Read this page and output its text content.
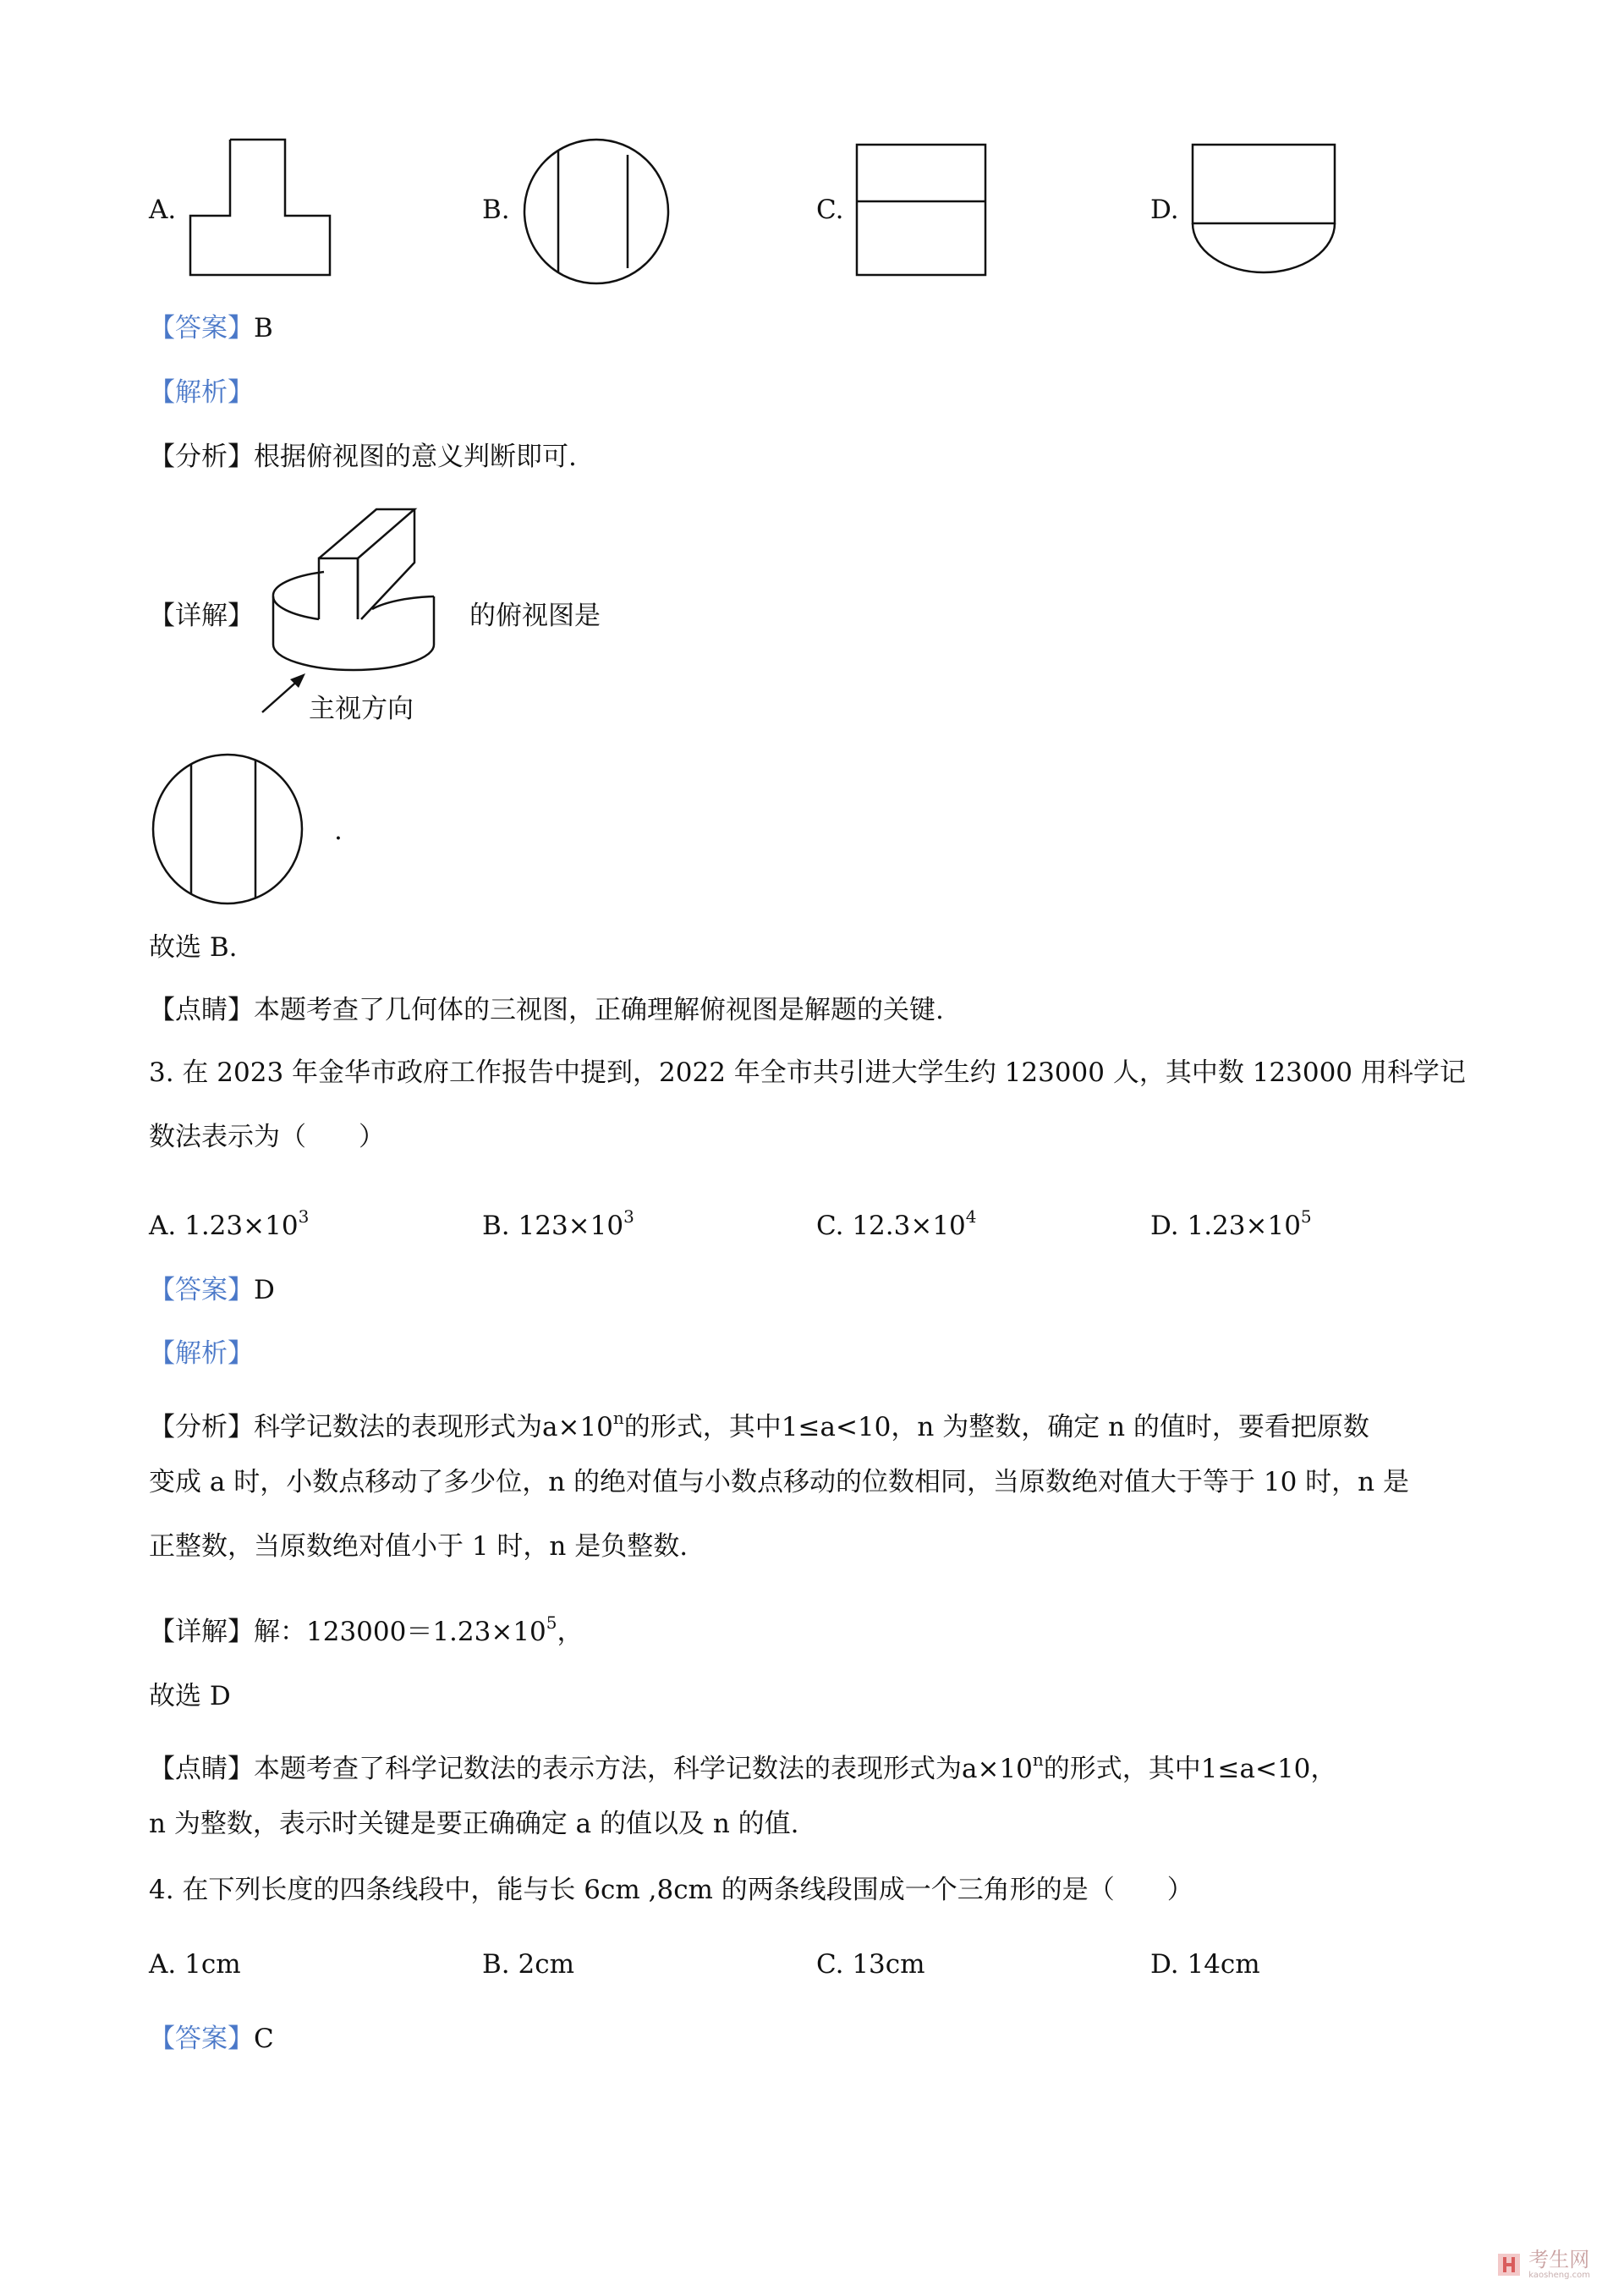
A.	B.	C.	D.
【答案】B
【解析】
【分析】根据俯视图的意义判断即可.
【详解】	的俯视图是
主视方向
.
故选 B.
【点睛】本题考查了几何体的三视图，正确理解俯视图是解题的关键.
3. 在 2023 年金华市政府工作报告中提到，2022 年全市共引进大学生约 123000 人，其中数 123000 用科学记
数法表示为（　　）
A. $1.23\times 10^3$	B. $123\times 10^3$	C. $12.3\times 10^4$	D. $1.23\times 10^5$
【答案】D
【解析】
【分析】科学记数法的表现形式为$a\times 10^n$的形式，其中1≤a<10，n 为整数，确定 n 的值时，要看把原数
变成 a 时，小数点移动了多少位，n 的绝对值与小数点移动的位数相同，当原数绝对值大于等于 10 时，n 是
正整数，当原数绝对值小于 1 时，n 是负整数.
【详解】解：$123000=1.23\times 10^5$，
故选 D
【点睛】本题考查了科学记数法的表示方法，科学记数法的表现形式为$a\times 10^n$的形式，其中1≤a<10，
n 为整数，表示时关键是要正确确定 a 的值以及 n 的值.
4. 在下列长度的四条线段中，能与长 6cm ,8cm 的两条线段围成一个三角形的是（　　）
A. 1cm	B. 2cm	C. 13cm	D. 14cm
【答案】C
考生网
kaosheng.com
